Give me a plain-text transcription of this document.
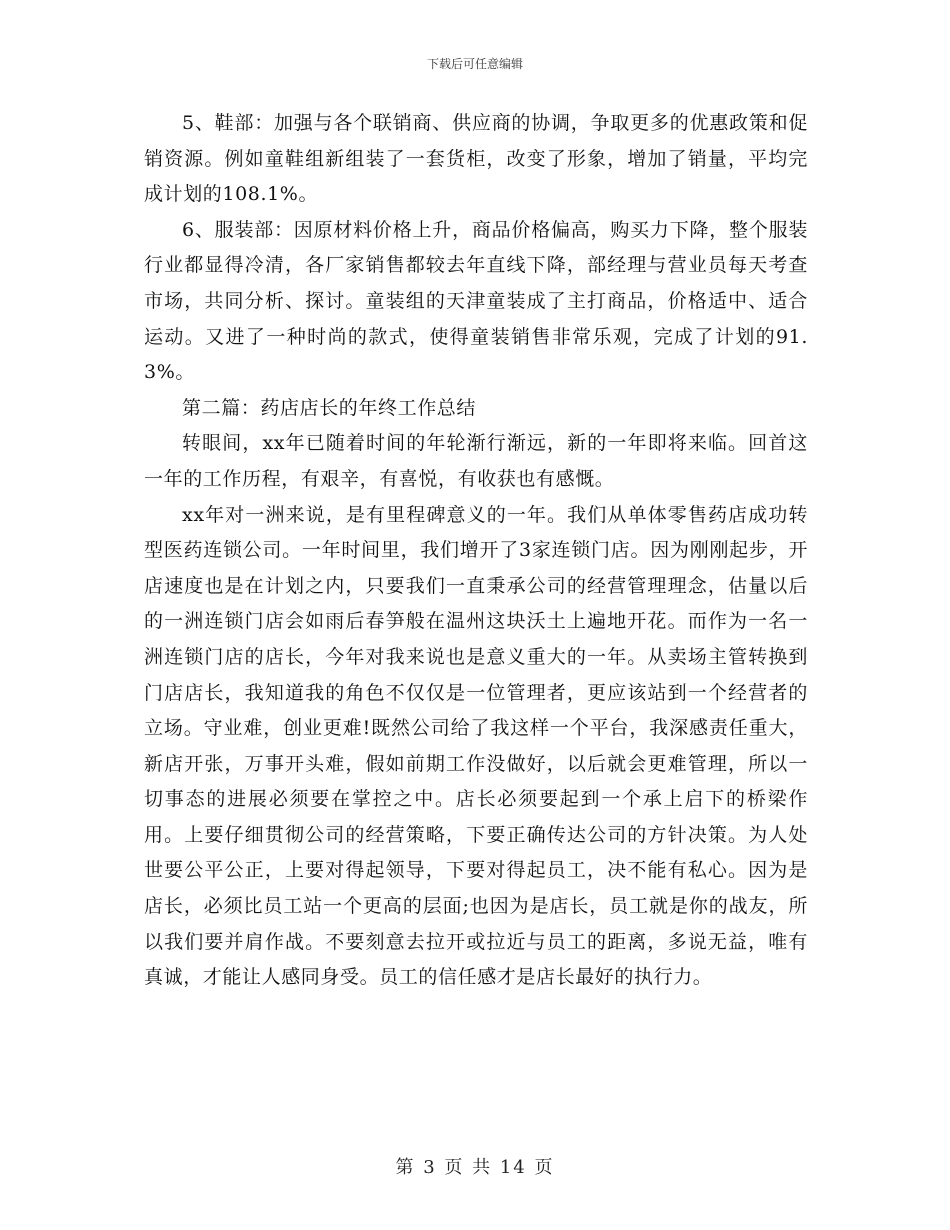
下载后可任意编辑

5、鞋部：加强与各个联销商、供应商的协调，争取更多的优惠政策和促销资源。例如童鞋组新组装了一套货柜，改变了形象，增加了销量，平均完成计划的108.1%。

6、服装部：因原材料价格上升，商品价格偏高，购买力下降，整个服装行业都显得冷清，各厂家销售都较去年直线下降，部经理与营业员每天考查市场，共同分析、探讨。童装组的天津童装成了主打商品，价格适中、适合运动。又进了一种时尚的款式，使得童装销售非常乐观，完成了计划的91.3%。

第二篇：药店店长的年终工作总结

转眼间，xx年已随着时间的年轮渐行渐远，新的一年即将来临。回首这一年的工作历程，有艰辛，有喜悦，有收获也有感慨。

xx年对一洲来说，是有里程碑意义的一年。我们从单体零售药店成功转型医药连锁公司。一年时间里，我们增开了3家连锁门店。因为刚刚起步，开店速度也是在计划之内，只要我们一直秉承公司的经营管理理念，估量以后的一洲连锁门店会如雨后春笋般在温州这块沃土上遍地开花。而作为一名一洲连锁门店的店长，今年对我来说也是意义重大的一年。从卖场主管转换到门店店长，我知道我的角色不仅仅是一位管理者，更应该站到一个经营者的立场。守业难，创业更难!既然公司给了我这样一个平台，我深感责任重大，新店开张，万事开头难，假如前期工作没做好，以后就会更难管理，所以一切事态的进展必须要在掌控之中。店长必须要起到一个承上启下的桥梁作用。上要仔细贯彻公司的经营策略，下要正确传达公司的方针决策。为人处世要公平公正，上要对得起领导，下要对得起员工，决不能有私心。因为是店长，必须比员工站一个更高的层面;也因为是店长，员工就是你的战友，所以我们要并肩作战。不要刻意去拉开或拉近与员工的距离，多说无益，唯有真诚，才能让人感同身受。员工的信任感才是店长最好的执行力。

第 3 页 共 14 页
